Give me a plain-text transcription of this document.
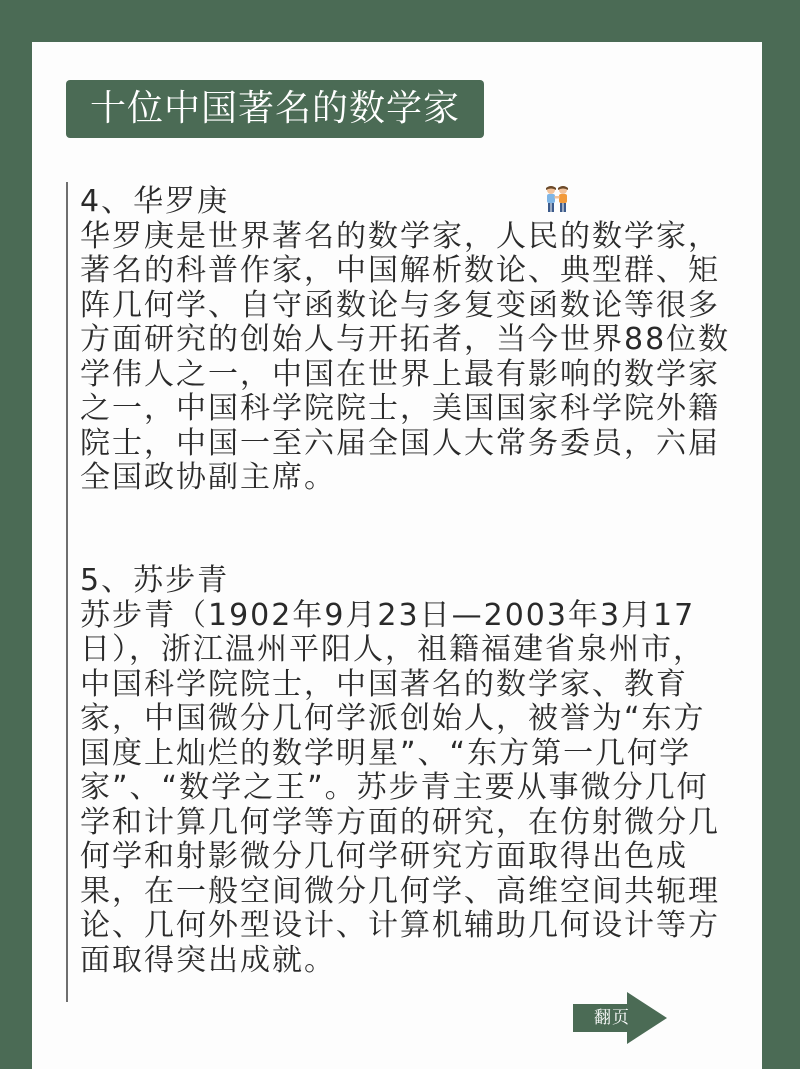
十位中国著名的数学家

4、华罗庚

华罗庚是世界著名的数学家，人民的数学家，著名的科普作家，中国解析数论、典型群、矩阵几何学、自守函数论与多复变函数论等很多方面研究的创始人与开拓者，当今世界88位数学伟人之一，中国在世界上最有影响的数学家之一，中国科学院院士，美国国家科学院外籍院士，中国一至六届全国人大常务委员，六届全国政协副主席。

5、苏步青

苏步青（1902年9月23日—2003年3月17日），浙江温州平阳人，祖籍福建省泉州市，中国科学院院士，中国著名的数学家、教育家，中国微分几何学派创始人，被誉为“东方国度上灿烂的数学明星”、“东方第一几何学家”、“数学之王”。苏步青主要从事微分几何学和计算几何学等方面的研究，在仿射微分几何学和射影微分几何学研究方面取得出色成果，在一般空间微分几何学、高维空间共轭理论、几何外型设计、计算机辅助几何设计等方面取得突出成就。

翻页
